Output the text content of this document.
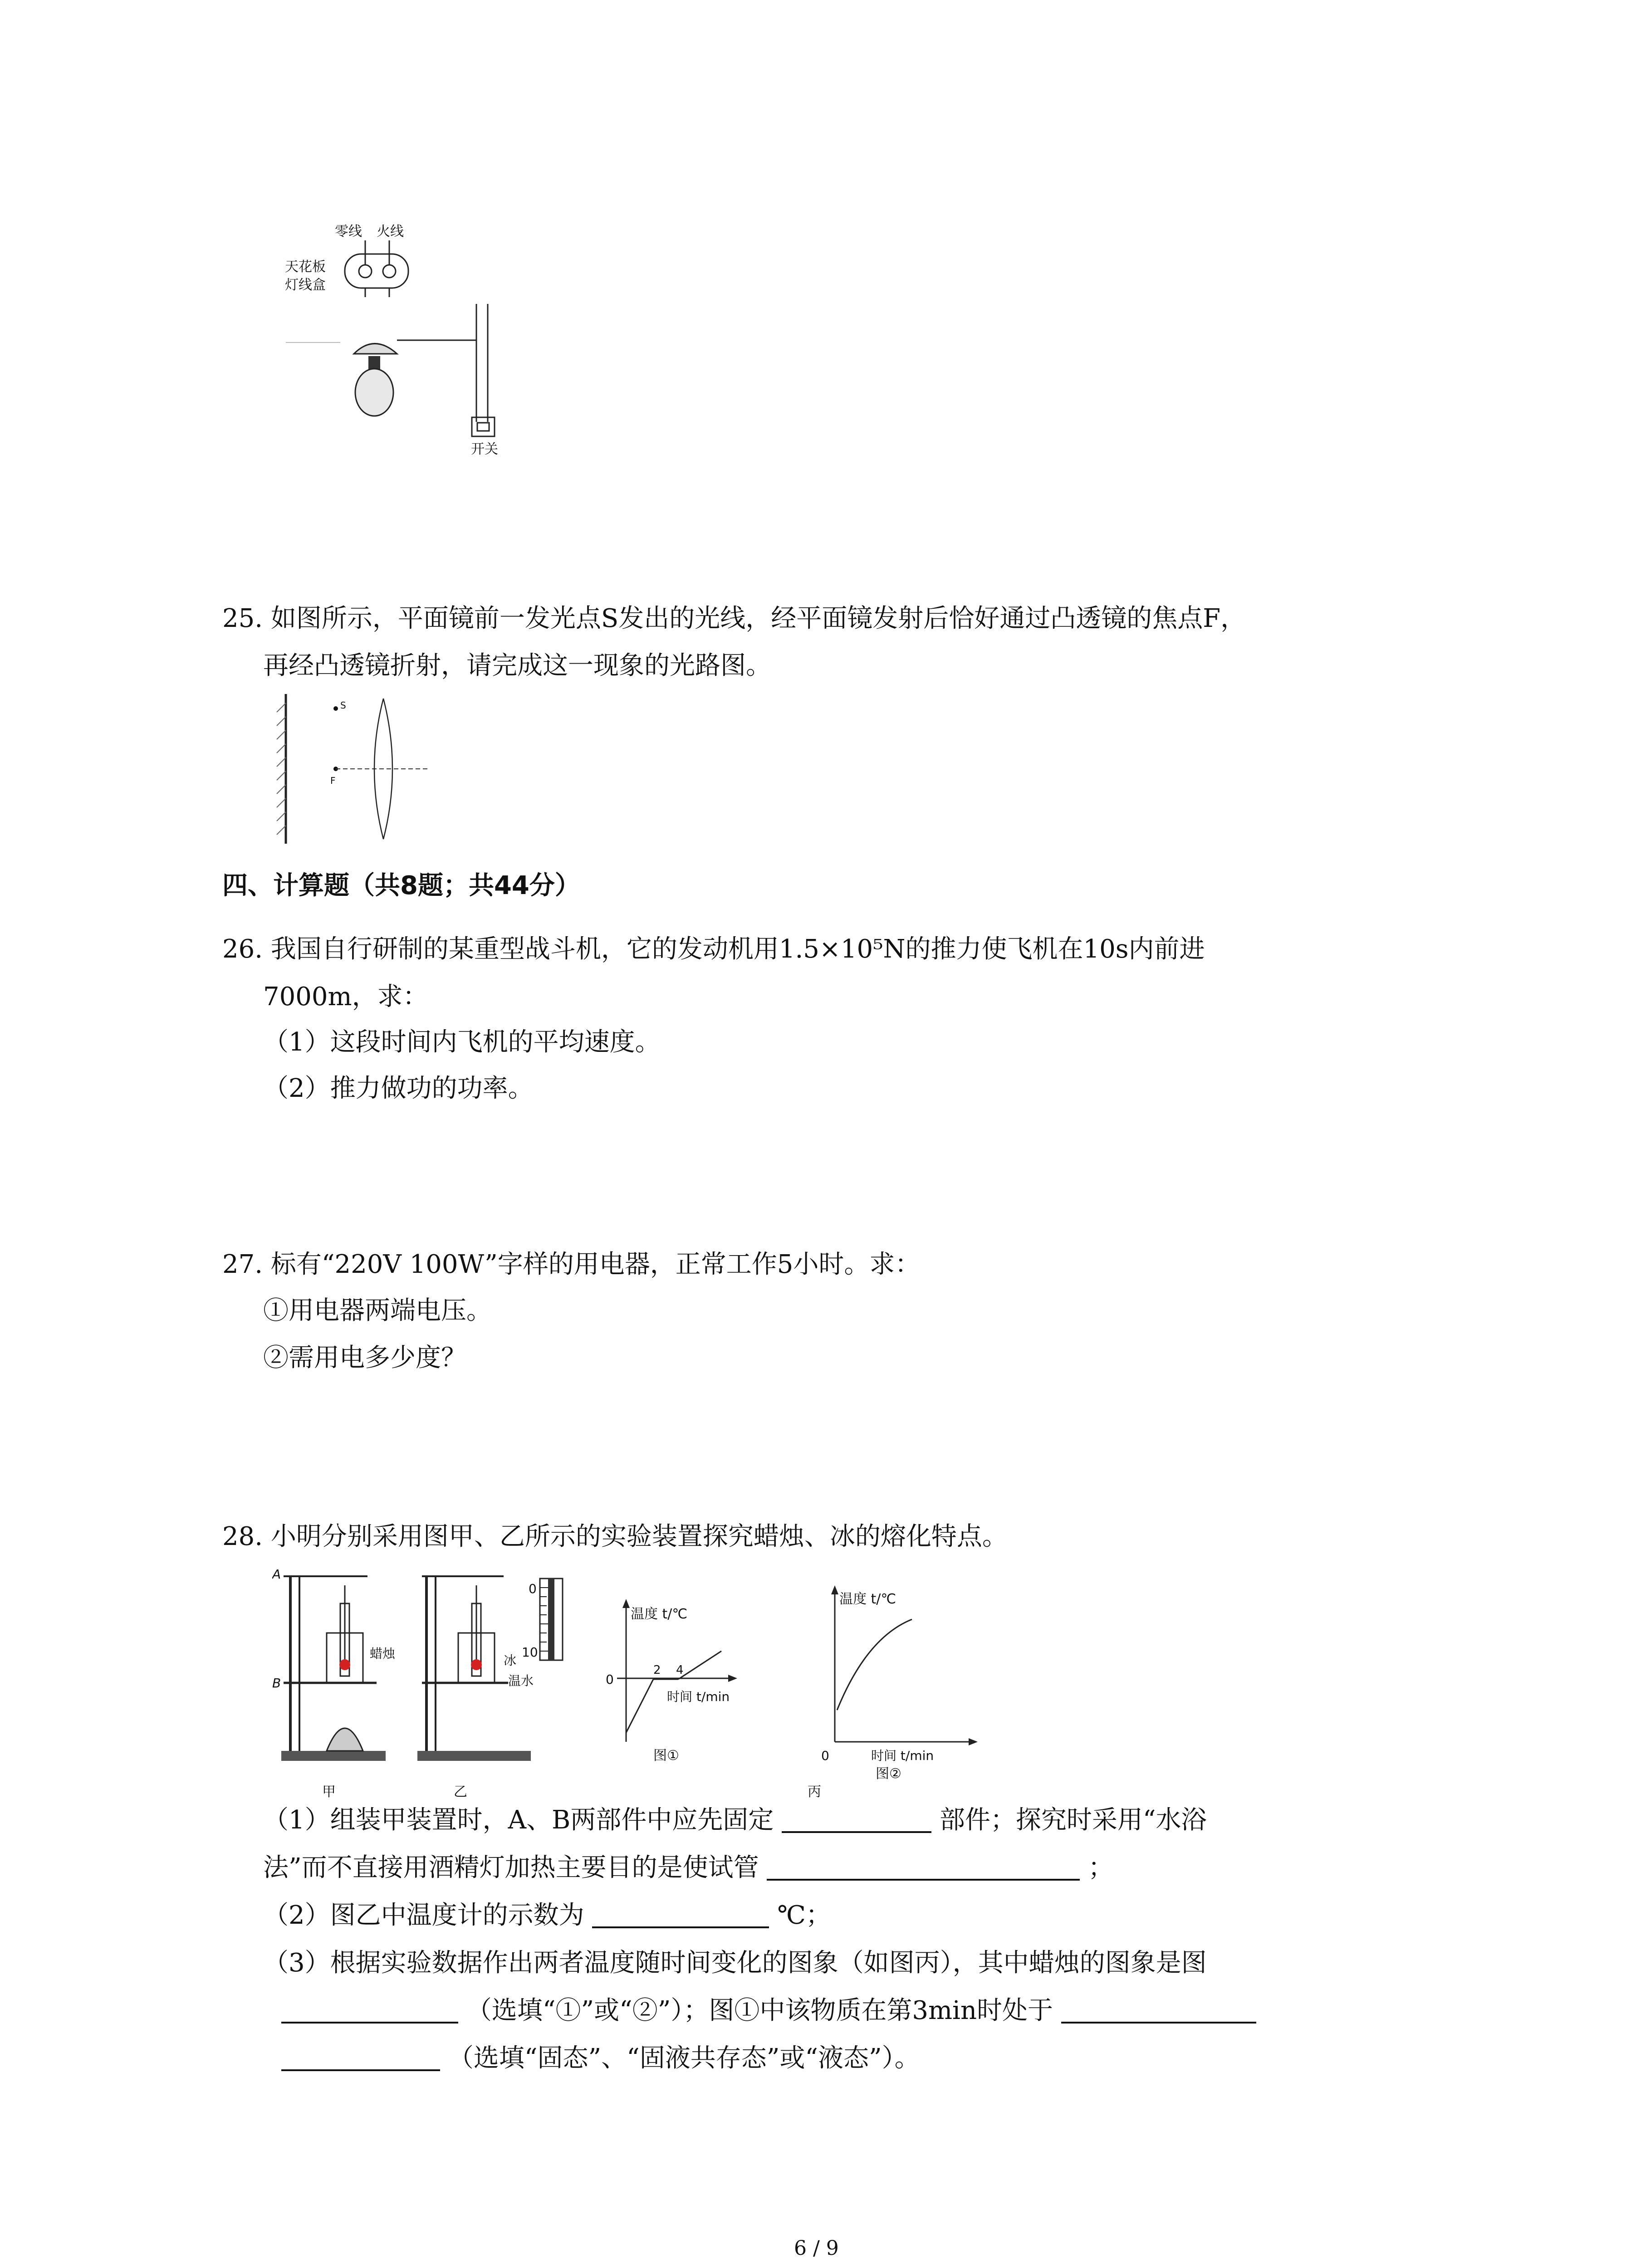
零线 火线
天花板
灯线盒
开关
25. 如图所示，平面镜前一发光点S发出的光线，经平面镜发射后恰好通过凸透镜的焦点F，
再经凸透镜折射，请完成这一现象的光路图。
S
F
四、计算题（共8题；共44分）
26. 我国自行研制的某重型战斗机，它的发动机用1.5×10⁵N的推力使飞机在10s内前进
7000m，求：
（1）这段时间内飞机的平均速度。
（2）推力做功的功率。
27. 标有“220V 100W”字样的用电器，正常工作5小时。求：
①用电器两端电压。
②需用电多少度？
28. 小明分别采用图甲、乙所示的实验装置探究蜡烛、冰的熔化特点。
A
B
蜡烛
甲
冰
温水
0
10
乙
温度 t/℃
0
2 4
时间 t/min
图①
温度 t/℃
0	时间 t/min
丙
图②
（1）组装甲装置时，A、B两部件中应先固定	部件；探究时采用“水浴
法”而不直接用酒精灯加热主要目的是使试管	；
（2）图乙中温度计的示数为	℃；
（3）根据实验数据作出两者温度随时间变化的图象（如图丙），其中蜡烛的图象是图
（选填“①”或“②”）；图①中该物质在第3min时处于
（选填“固态”、“固液共存态”或“液态”）。
6 / 9
